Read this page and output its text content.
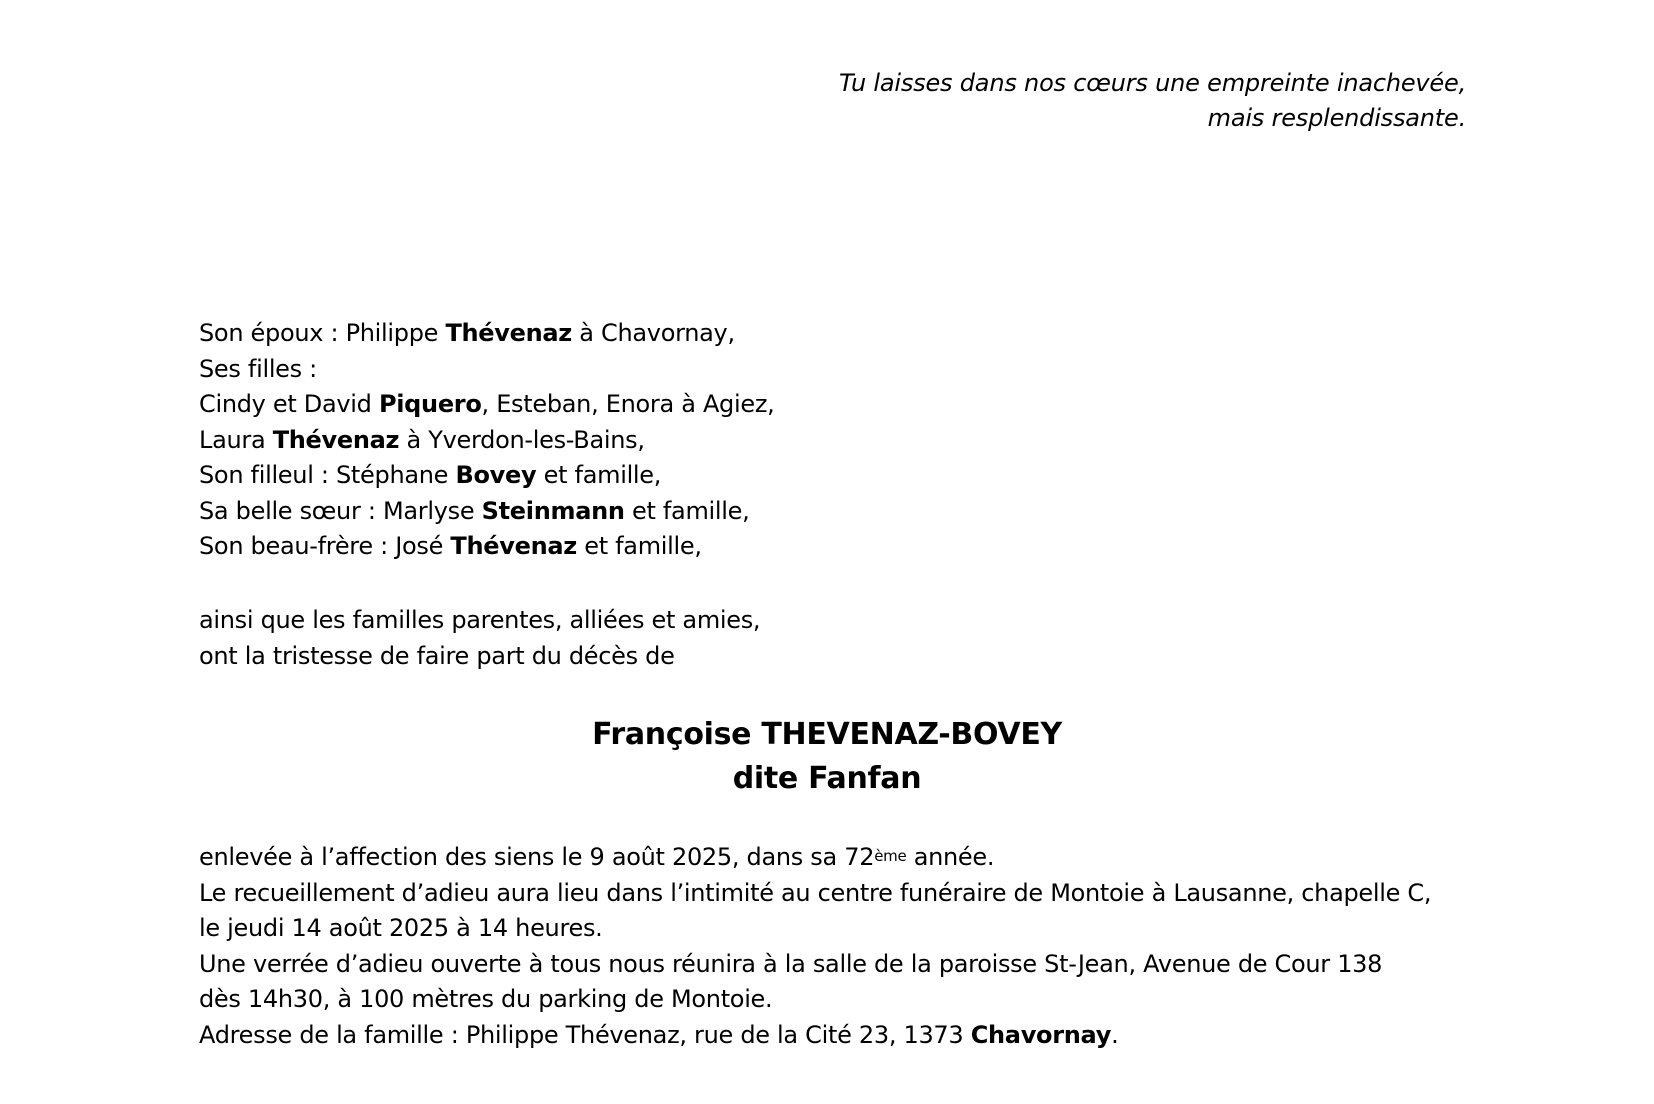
Tu laisses dans nos cœurs une empreinte inachevée,
mais resplendissante.
Son époux : Philippe Thévenaz à Chavornay,
Ses filles :
Cindy et David Piquero, Esteban, Enora à Agiez,
Laura Thévenaz à Yverdon-les-Bains,
Son filleul : Stéphane Bovey et famille,
Sa belle sœur : Marlyse Steinmann et famille,
Son beau-frère : José Thévenaz et famille,
ainsi que les familles parentes, alliées et amies,
ont la tristesse de faire part du décès de
Françoise THEVENAZ-BOVEY
dite Fanfan
enlevée à l’affection des siens le 9 août 2025, dans sa 72ème année.
Le recueillement d’adieu aura lieu dans l’intimité au centre funéraire de Montoie à Lausanne, chapelle C,
le jeudi 14 août 2025 à 14 heures.
Une verrée d’adieu ouverte à tous nous réunira à la salle de la paroisse St-Jean, Avenue de Cour 138
dès 14h30, à 100 mètres du parking de Montoie.
Adresse de la famille : Philippe Thévenaz, rue de la Cité 23, 1373 Chavornay.
